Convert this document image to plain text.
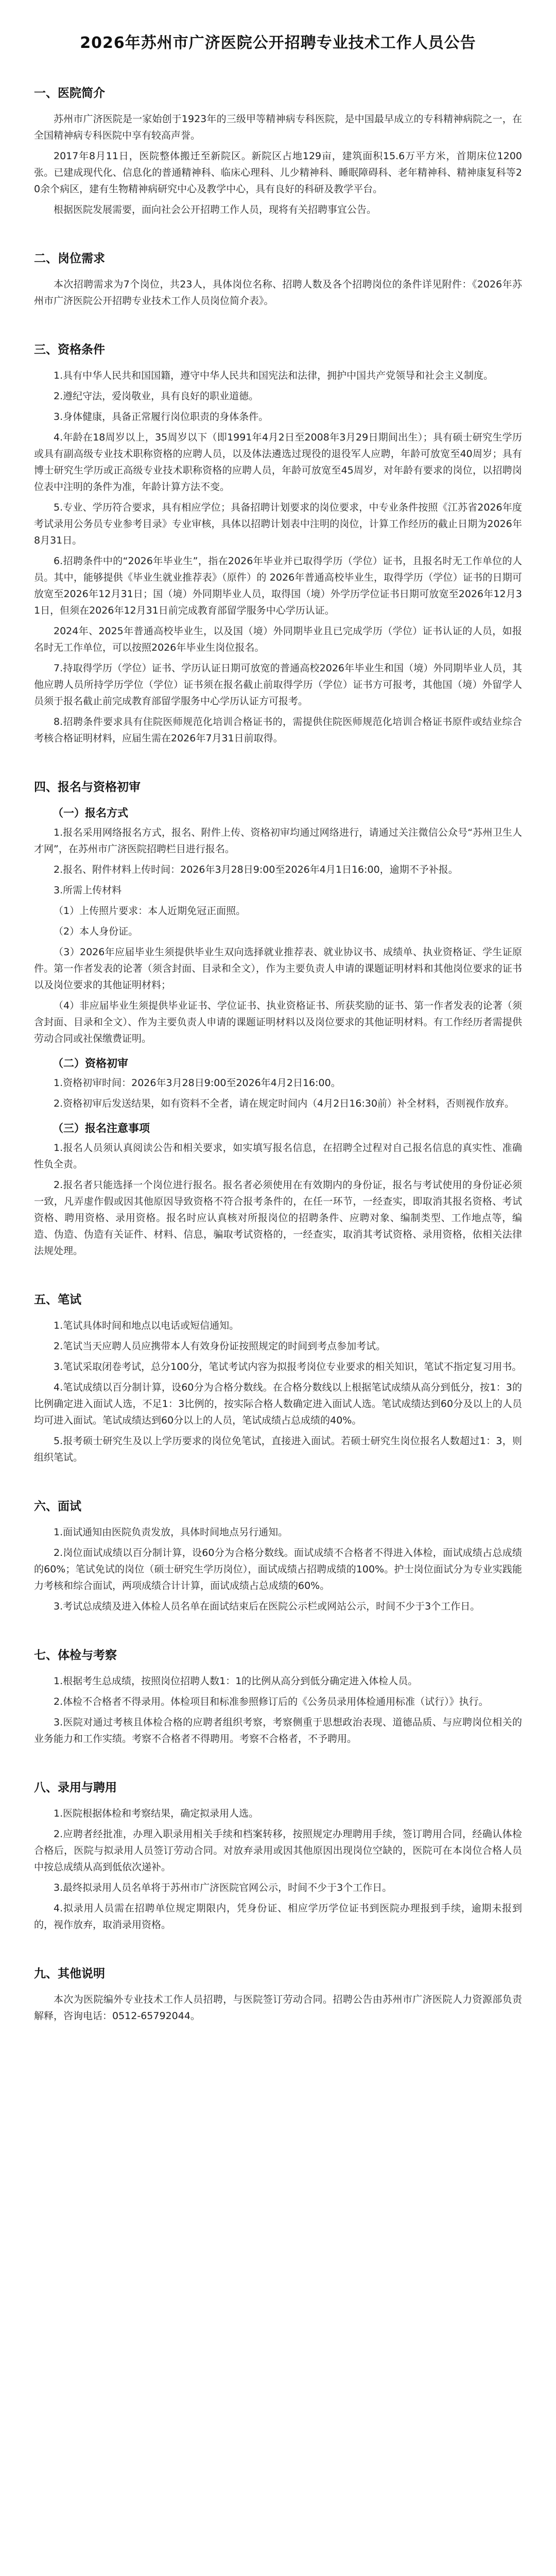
2026年苏州市广济医院公开招聘专业技术工作人员公告
一、医院简介

苏州市广济医院是一家始创于1923年的三级甲等精神病专科医院，是中国最早成立的专科精神病院之一，在全国精神病专科医院中享有较高声誉。

2017年8月11日，医院整体搬迁至新院区。新院区占地129亩，建筑面积15.6万平方米，首期床位1200张。已建成现代化、信息化的普通精神科、临床心理科、儿少精神科、睡眠障碍科、老年精神科、精神康复科等20余个病区，建有生物精神病研究中心及教学中心，具有良好的科研及教学平台。

根据医院发展需要，面向社会公开招聘工作人员，现将有关招聘事宜公告。

二、岗位需求

本次招聘需求为7个岗位，共23人，具体岗位名称、招聘人数及各个招聘岗位的条件详见附件：《2026年苏州市广济医院公开招聘专业技术工作人员岗位简介表》。

三、资格条件

1.具有中华人民共和国国籍，遵守中华人民共和国宪法和法律，拥护中国共产党领导和社会主义制度。

2.遵纪守法，爱岗敬业，具有良好的职业道德。

3.身体健康，具备正常履行岗位职责的身体条件。

4.年龄在18周岁以上，35周岁以下（即1991年4月2日至2008年3月29日期间出生）；具有硕士研究生学历或具有副高级专业技术职称资格的应聘人员，以及体法遴选过现役的退役军人应聘，年龄可放宽至40周岁；具有博士研究生学历或正高级专业技术职称资格的应聘人员，年龄可放宽至45周岁，对年龄有要求的岗位，以招聘岗位表中注明的条件为准，年龄计算方法不变。

5.专业、学历符合要求，具有相应学位；具备招聘计划要求的岗位要求，中专业条件按照《江苏省2026年度考试录用公务员专业参考目录》专业审核，具体以招聘计划表中注明的岗位，计算工作经历的截止日期为2026年8月31日。

6.招聘条件中的“2026年毕业生”，指在2026年毕业并已取得学历（学位）证书，且报名时无工作单位的人员。其中，能够提供《毕业生就业推荐表》（原件）的 2026年普通高校毕业生，取得学历（学位）证书的日期可放宽至2026年12月31日；国（境）外同期毕业人员，取得国（境）外学历学位证书日期可放宽至2026年12月31日，但须在2026年12月31日前完成教育部留学服务中心学历认证。

2024年、2025年普通高校毕业生，以及国（境）外同期毕业且已完成学历（学位）证书认证的人员，如报名时无工作单位，可以按照2026年毕业生岗位报名。

7.持取得学历（学位）证书、学历认证日期可放宽的普通高校2026年毕业生和国（境）外同期毕业人员，其他应聘人员所持学历学位（学位）证书须在报名截止前取得学历（学位）证书方可报考，其他国（境）外留学人员须于报名截止前完成教育部留学服务中心学历认证方可报考。

8.招聘条件要求具有住院医师规范化培训合格证书的，需提供住院医师规范化培训合格证书原件或结业综合考核合格证明材料，应届生需在2026年7月31日前取得。

四、报名与资格初审
（一）报名方式

1.报名采用网络报名方式，报名、附件上传、资格初审均通过网络进行，请通过关注微信公众号“苏州卫生人才网”，在苏州市广济医院招聘栏目进行报名。

2.报名、附件材料上传时间：2026年3月28日9:00至2026年4月1日16:00，逾期不予补报。

3.所需上传材料

（1）上传照片要求：本人近期免冠正面照。

（2）本人身份证。

（3）2026年应届毕业生须提供毕业生双向选择就业推荐表、就业协议书、成绩单、执业资格证、学生证原件。第一作者发表的论著（须含封面、目录和全文），作为主要负责人申请的课题证明材料和其他岗位要求的证书以及岗位要求的其他证明材料；

（4）非应届毕业生须提供毕业证书、学位证书、执业资格证书、所获奖励的证书、第一作者发表的论著（须含封面、目录和全文）、作为主要负责人申请的课题证明材料以及岗位要求的其他证明材料。有工作经历者需提供劳动合同或社保缴费证明。

（二）资格初审

1.资格初审时间：2026年3月28日9:00至2026年4月2日16:00。

2.资格初审后发送结果，如有资料不全者，请在规定时间内（4月2日16:30前）补全材料，否则视作放弃。

（三）报名注意事项

1.报名人员须认真阅读公告和相关要求，如实填写报名信息，在招聘全过程对自己报名信息的真实性、准确性负全责。

2.报名者只能选择一个岗位进行报名。报名者必须使用在有效期内的身份证，报名与考试使用的身份证必须一致，凡弄虚作假或因其他原因导致资格不符合报考条件的，在任一环节，一经查实，即取消其报名资格、考试资格、聘用资格、录用资格。报名时应认真核对所报岗位的招聘条件、应聘对象、编制类型、工作地点等，编造、伪造、伪造有关证件、材料、信息，骗取考试资格的，一经查实，取消其考试资格、录用资格，依相关法律法规处理。

五、笔试

1.笔试具体时间和地点以电话或短信通知。

2.笔试当天应聘人员应携带本人有效身份证按照规定的时间到考点参加考试。

3.笔试采取闭卷考试，总分100分，笔试考试内容为拟报考岗位专业要求的相关知识，笔试不指定复习用书。

4.笔试成绩以百分制计算，设60分为合格分数线。在合格分数线以上根据笔试成绩从高分到低分，按1：3的比例确定进入面试人选，不足1：3比例的，按实际合格人数确定进入面试人选。笔试成绩达到60分及以上的人员均可进入面试。笔试成绩达到60分以上的人员，笔试成绩占总成绩的40%。

5.报考硕士研究生及以上学历要求的岗位免笔试，直接进入面试。若硕士研究生岗位报名人数超过1：3，则组织笔试。

六、面试

1.面试通知由医院负责发放，具体时间地点另行通知。

2.岗位面试成绩以百分制计算，设60分为合格分数线。面试成绩不合格者不得进入体检，面试成绩占总成绩的60%；笔试免试的岗位（硕士研究生学历岗位），面试成绩占招聘成绩的100%。护士岗位面试分为专业实践能力考核和综合面试，两项成绩合计计算，面试成绩占总成绩的60%。

3.考试总成绩及进入体检人员名单在面试结束后在医院公示栏或网站公示，时间不少于3个工作日。

七、体检与考察

1.根据考生总成绩，按照岗位招聘人数1：1的比例从高分到低分确定进入体检人员。

2.体检不合格者不得录用。体检项目和标准参照修订后的《公务员录用体检通用标准（试行）》执行。

3.医院对通过考核且体检合格的应聘者组织考察，考察侧重于思想政治表现、道德品质、与应聘岗位相关的业务能力和工作实绩。考察不合格者不得聘用。考察不合格者，不予聘用。

八、录用与聘用

1.医院根据体检和考察结果，确定拟录用人选。

2.应聘者经批准，办理入职录用相关手续和档案转移，按照规定办理聘用手续，签订聘用合同，经确认体检合格后，医院与拟录用人员签订劳动合同。对放弃录用或因其他原因出现岗位空缺的，医院可在本岗位合格人员中按总成绩从高到低依次递补。

3.最终拟录用人员名单将于苏州市广济医院官网公示，时间不少于3个工作日。

4.拟录用人员需在招聘单位规定期限内，凭身份证、相应学历学位证书到医院办理报到手续，逾期未报到的，视作放弃，取消录用资格。

九、其他说明

本次为医院编外专业技术工作人员招聘，与医院签订劳动合同。招聘公告由苏州市广济医院人力资源部负责解释，咨询电话：0512-65792044。
